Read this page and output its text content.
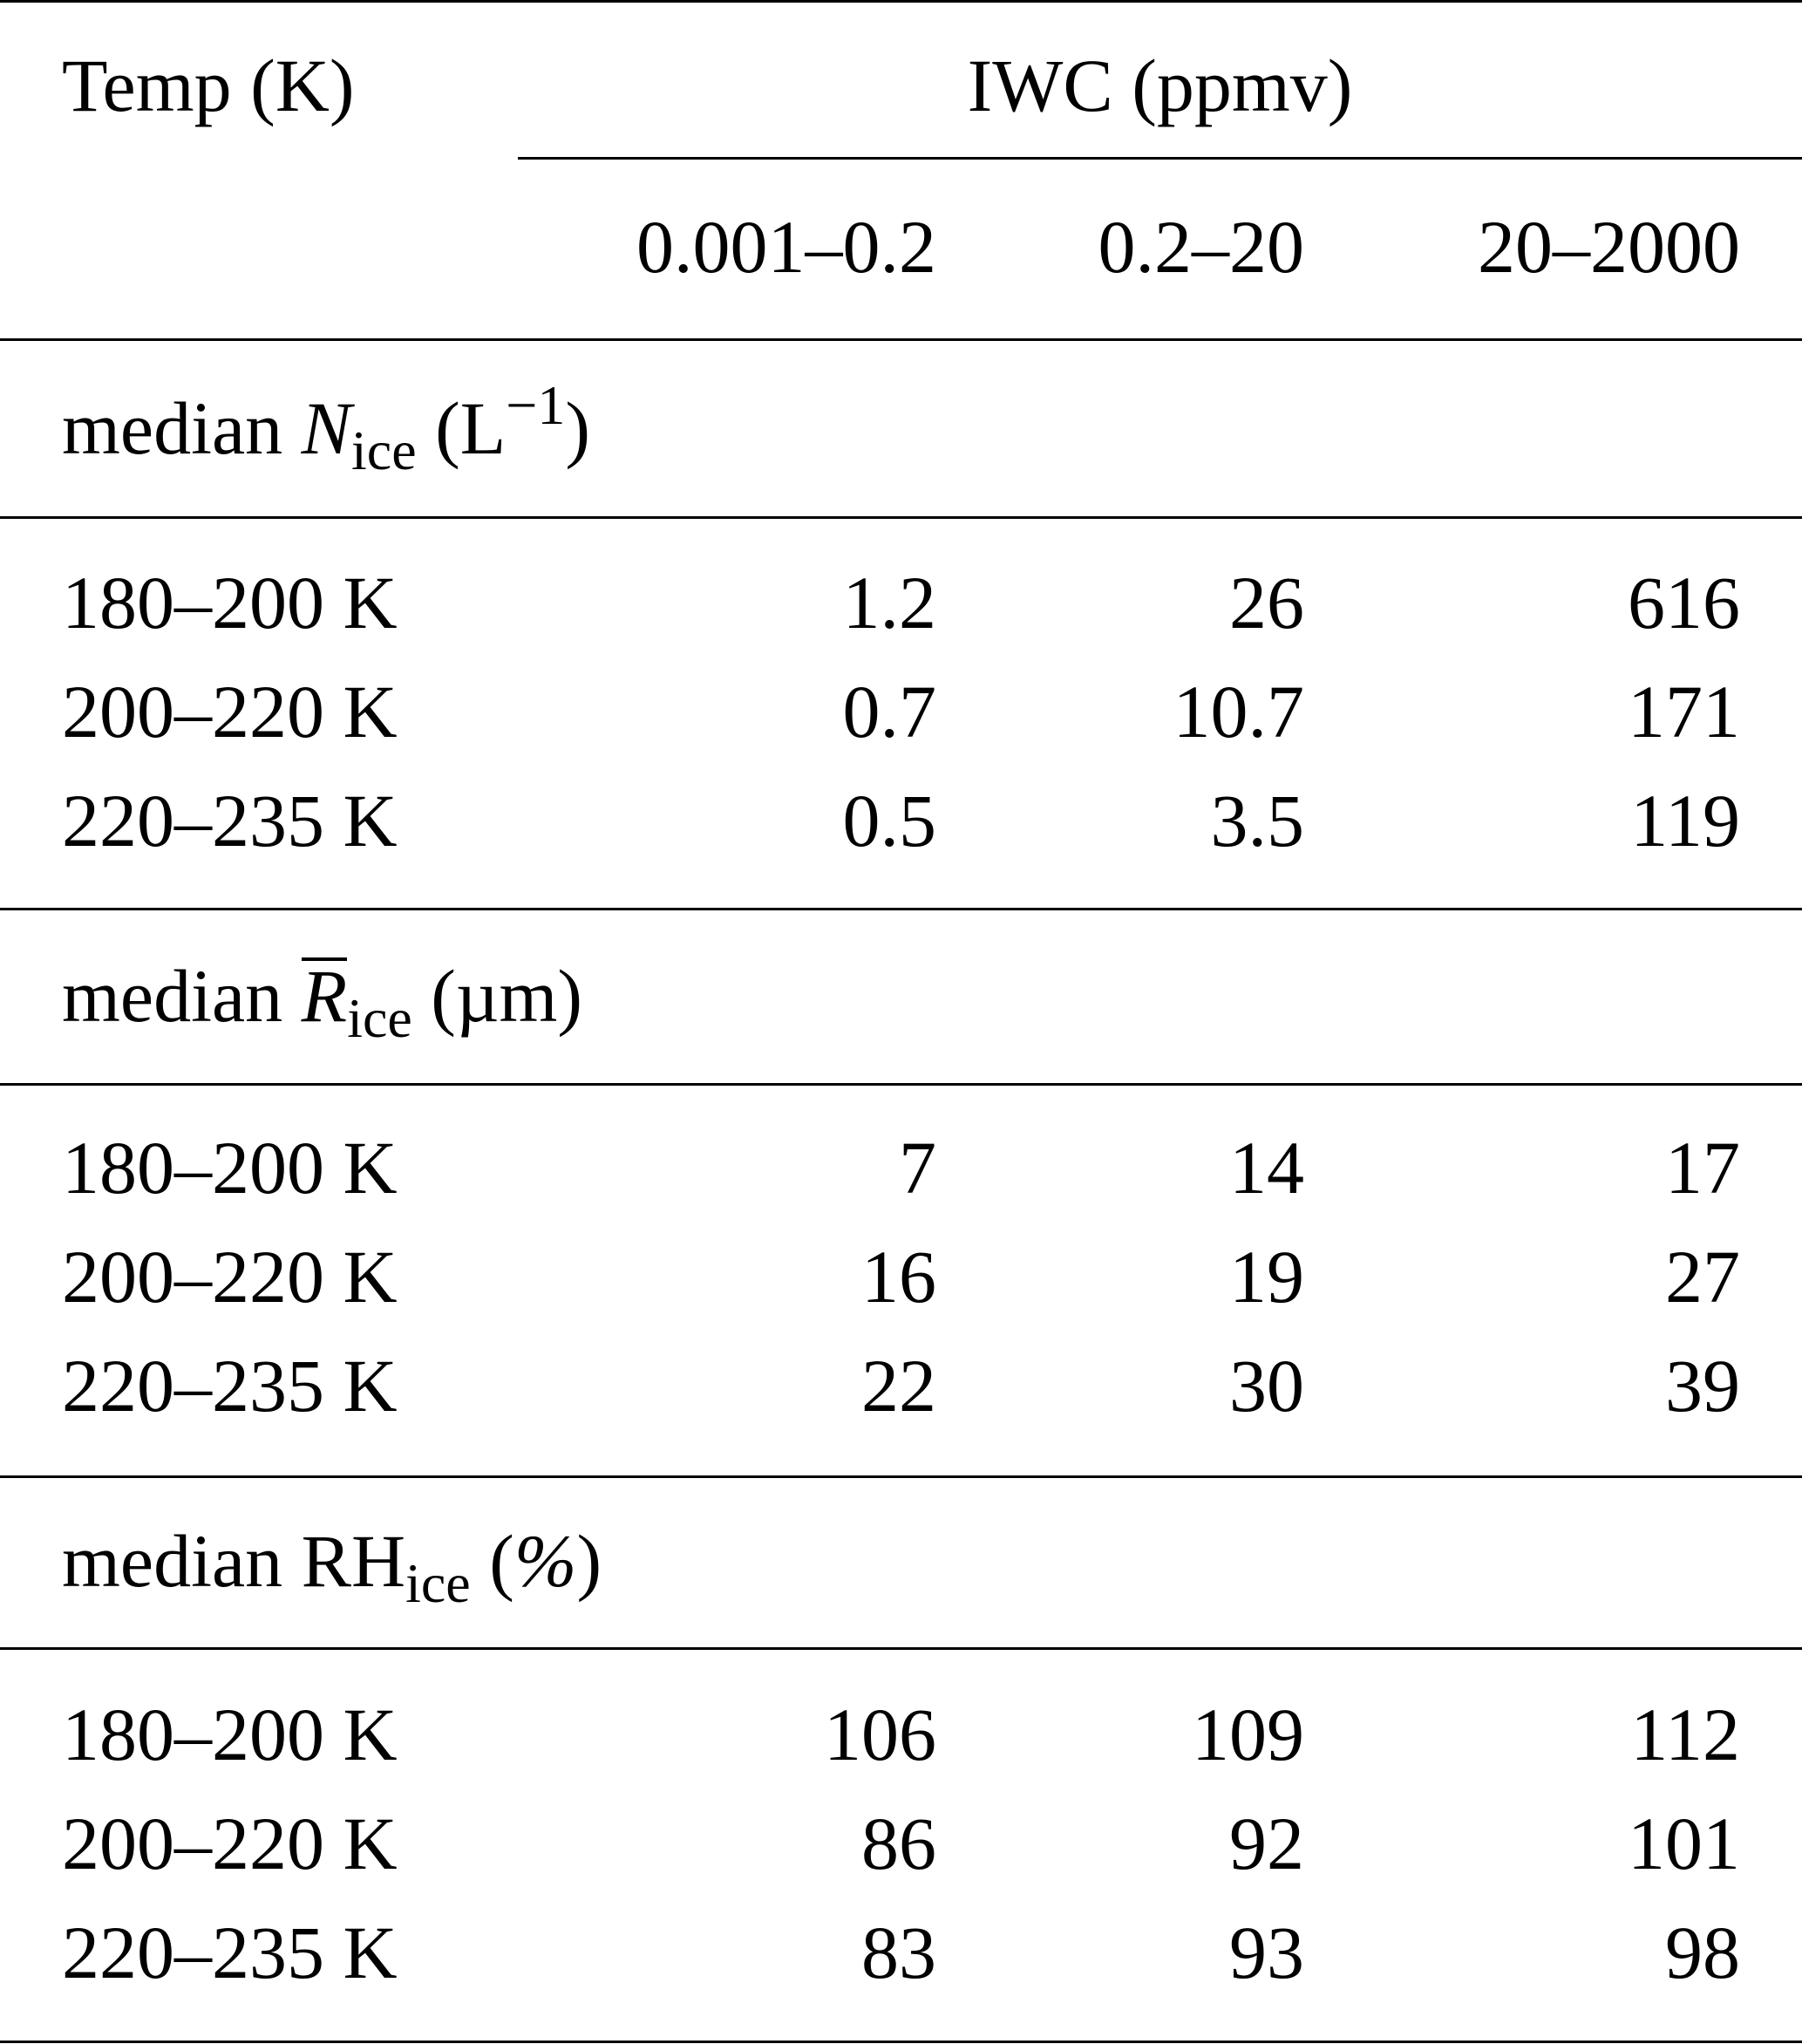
Temp (K)	IWC (ppmv)
0.001–0.2 0.2–20 20–2000
median $N_{ice}$ $(L^{-1})$
180–200 K	1.2	26	616
200–220 K	0.7	10.7	171
220–235 K	0.5	3.5	119
median $R_{ice}$ (µm)
180–200 K	7	14	17
200–220 K	16	19	27
220–235 K	22	30	39
median $RH_{ice}$ (%)
180–200 K	106	109	112
200–220 K	86	92	101
220–235 K	83	93	98
